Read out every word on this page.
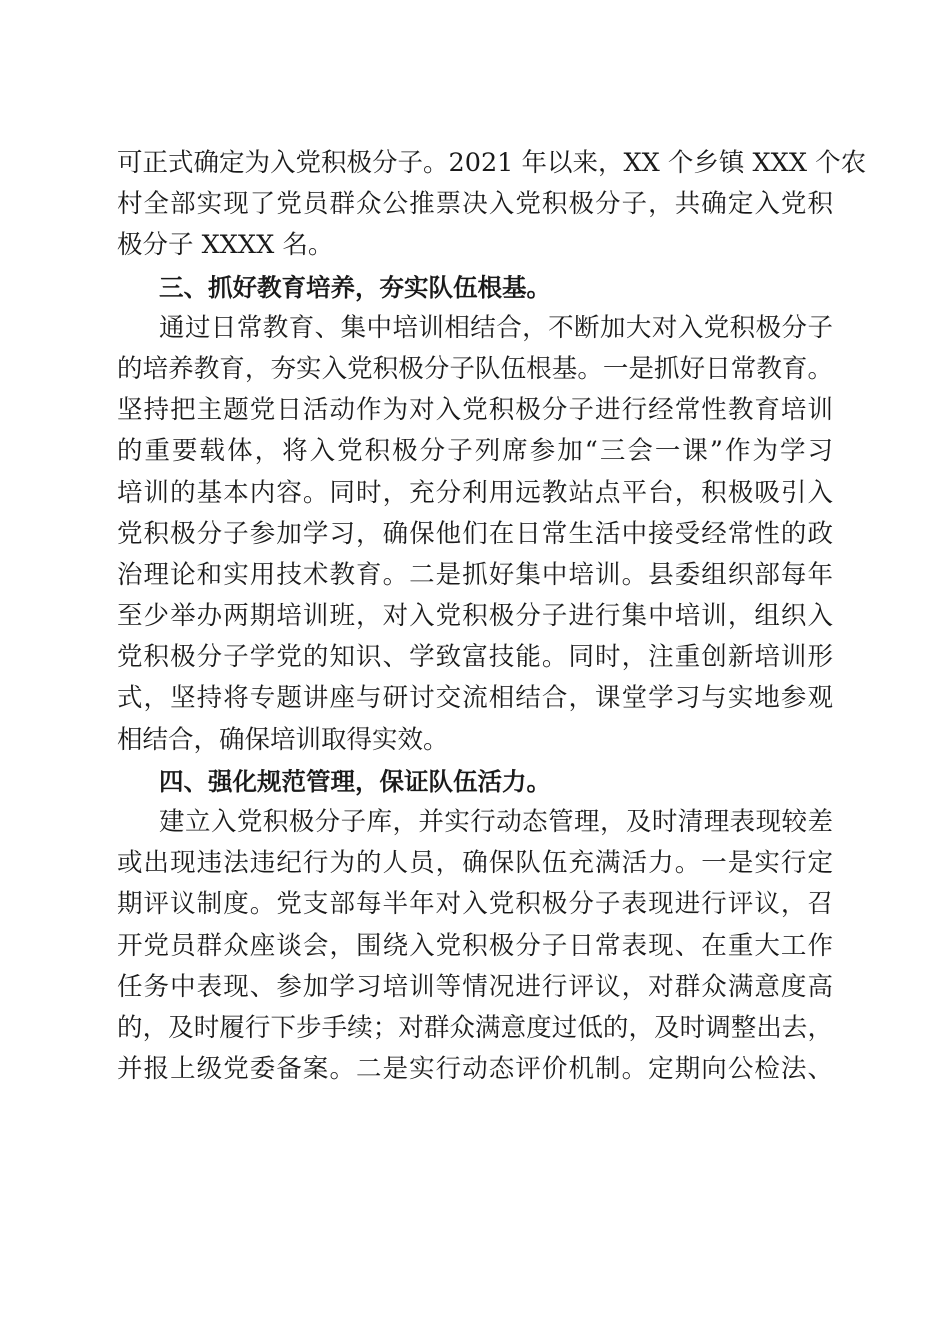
可正式确定为入党积极分子。2021 年以来，XX 个乡镇 XXX 个农
村全部实现了党员群众公推票决入党积极分子，共确定入党积
极分子 XXXX 名。
三、抓好教育培养，夯实队伍根基。
通过日常教育、集中培训相结合，不断加大对入党积极分子
的培养教育，夯实入党积极分子队伍根基。一是抓好日常教育。
坚持把主题党日活动作为对入党积极分子进行经常性教育培训
的重要载体，将入党积极分子列席参加“三会一课”作为学习
培训的基本内容。同时，充分利用远教站点平台，积极吸引入
党积极分子参加学习，确保他们在日常生活中接受经常性的政
治理论和实用技术教育。二是抓好集中培训。县委组织部每年
至少举办两期培训班，对入党积极分子进行集中培训，组织入
党积极分子学党的知识、学致富技能。同时，注重创新培训形
式，坚持将专题讲座与研讨交流相结合，课堂学习与实地参观
相结合，确保培训取得实效。
四、强化规范管理，保证队伍活力。
建立入党积极分子库，并实行动态管理，及时清理表现较差
或出现违法违纪行为的人员，确保队伍充满活力。一是实行定
期评议制度。党支部每半年对入党积极分子表现进行评议，召
开党员群众座谈会，围绕入党积极分子日常表现、在重大工作
任务中表现、参加学习培训等情况进行评议，对群众满意度高
的，及时履行下步手续；对群众满意度过低的，及时调整出去，
并报上级党委备案。二是实行动态评价机制。定期向公检法、
